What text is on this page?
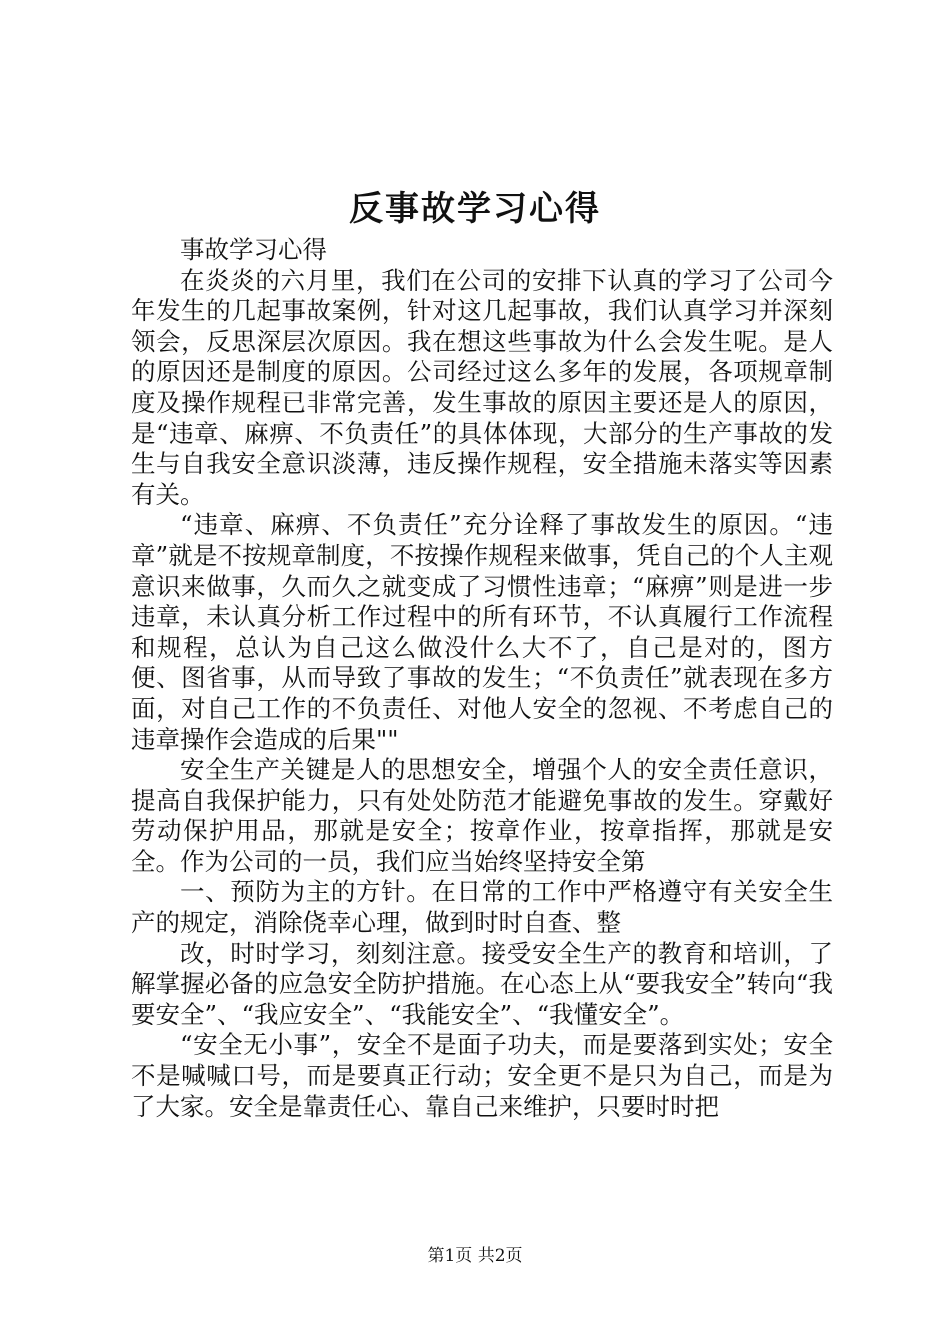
反事故学习心得

事故学习心得

在炎炎的六月里，我们在公司的安排下认真的学习了公司今年发生的几起事故案例，针对这几起事故，我们认真学习并深刻领会，反思深层次原因。我在想这些事故为什么会发生呢。是人的原因还是制度的原因。公司经过这么多年的发展，各项规章制度及操作规程已非常完善，发生事故的原因主要还是人的原因，是“违章、麻痹、不负责任”的具体体现，大部分的生产事故的发生与自我安全意识淡薄，违反操作规程，安全措施未落实等因素有关。

“违章、麻痹、不负责任”充分诠释了事故发生的原因。“违章”就是不按规章制度，不按操作规程来做事，凭自己的个人主观意识来做事，久而久之就变成了习惯性违章；“麻痹”则是进一步违章，未认真分析工作过程中的所有环节，不认真履行工作流程和规程，总认为自己这么做没什么大不了，自己是对的，图方便、图省事，从而导致了事故的发生；“不负责任”就表现在多方面，对自己工作的不负责任、对他人安全的忽视、不考虑自己的违章操作会造成的后果""

安全生产关键是人的思想安全，增强个人的安全责任意识，提高自我保护能力，只有处处防范才能避免事故的发生。穿戴好劳动保护用品，那就是安全；按章作业，按章指挥，那就是安全。作为公司的一员，我们应当始终坚持安全第

一、预防为主的方针。在日常的工作中严格遵守有关安全生产的规定，消除侥幸心理，做到时时自查、整

改，时时学习，刻刻注意。接受安全生产的教育和培训，了解掌握必备的应急安全防护措施。在心态上从“要我安全”转向“我要安全”、“我应安全”、“我能安全”、“我懂安全”。

“安全无小事”，安全不是面子功夫，而是要落到实处；安全不是喊喊口号，而是要真正行动；安全更不是只为自己，而是为了大家。安全是靠责任心、靠自己来维护，只要时时把

第1页 共2页
